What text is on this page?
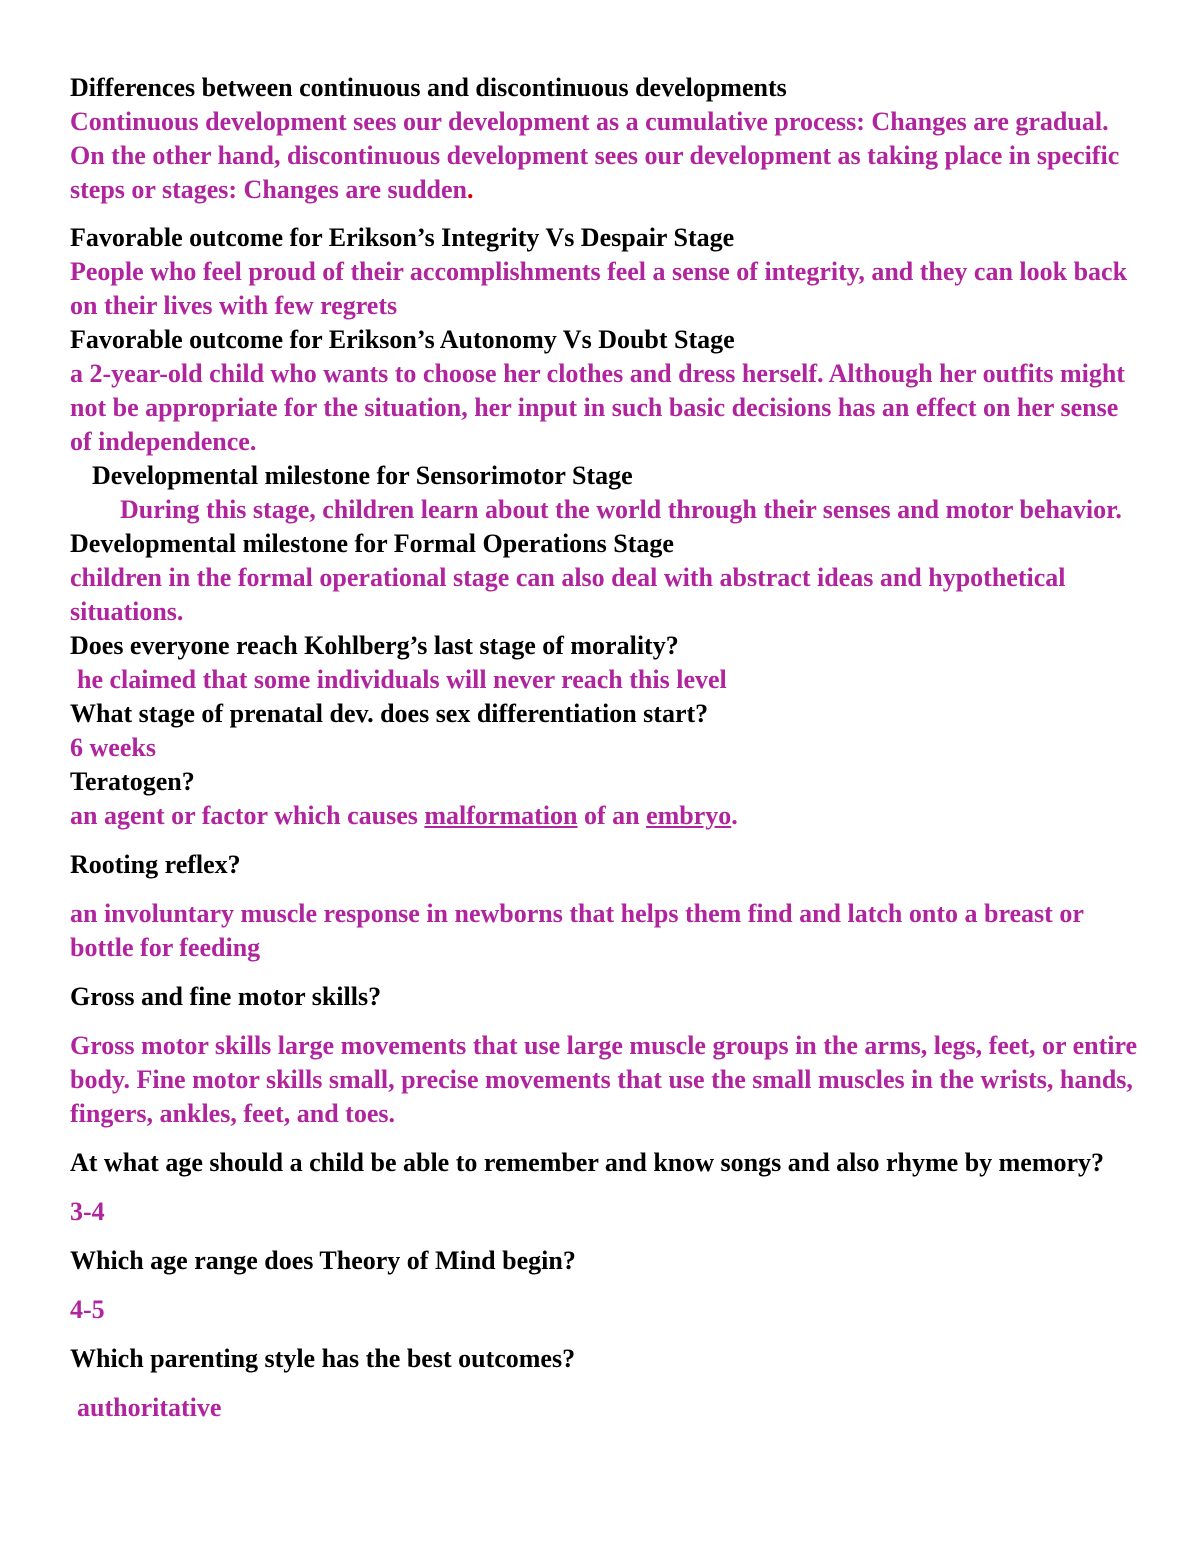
Differences between continuous and discontinuous developments

Continuous development sees our development as a cumulative process: Changes are gradual. On the other hand, discontinuous development sees our development as taking place in specific steps or stages: Changes are sudden.

Favorable outcome for Erikson’s Integrity Vs Despair Stage

People who feel proud of their accomplishments feel a sense of integrity, and they can look back on their lives with few regrets

Favorable outcome for Erikson’s Autonomy Vs Doubt Stage

a 2-year-old child who wants to choose her clothes and dress herself. Although her outfits might not be appropriate for the situation, her input in such basic decisions has an effect on her sense of independence.

Developmental milestone for Sensorimotor Stage

During this stage, children learn about the world through their senses and motor behavior.

Developmental milestone for Formal Operations Stage

children in the formal operational stage can also deal with abstract ideas and hypothetical situations.

Does everyone reach Kohlberg’s last stage of morality?

he claimed that some individuals will never reach this level

What stage of prenatal dev. does sex differentiation start?

6 weeks

Teratogen?

an agent or factor which causes malformation of an embryo.

Rooting reflex?

an involuntary muscle response in newborns that helps them find and latch onto a breast or bottle for feeding

Gross and fine motor skills?

Gross motor skills large movements that use large muscle groups in the arms, legs, feet, or entire body. Fine motor skills small, precise movements that use the small muscles in the wrists, hands, fingers, ankles, feet, and toes.

At what age should a child be able to remember and know songs and also rhyme by memory?

3-4

Which age range does Theory of Mind begin?

4-5

Which parenting style has the best outcomes?

authoritative
